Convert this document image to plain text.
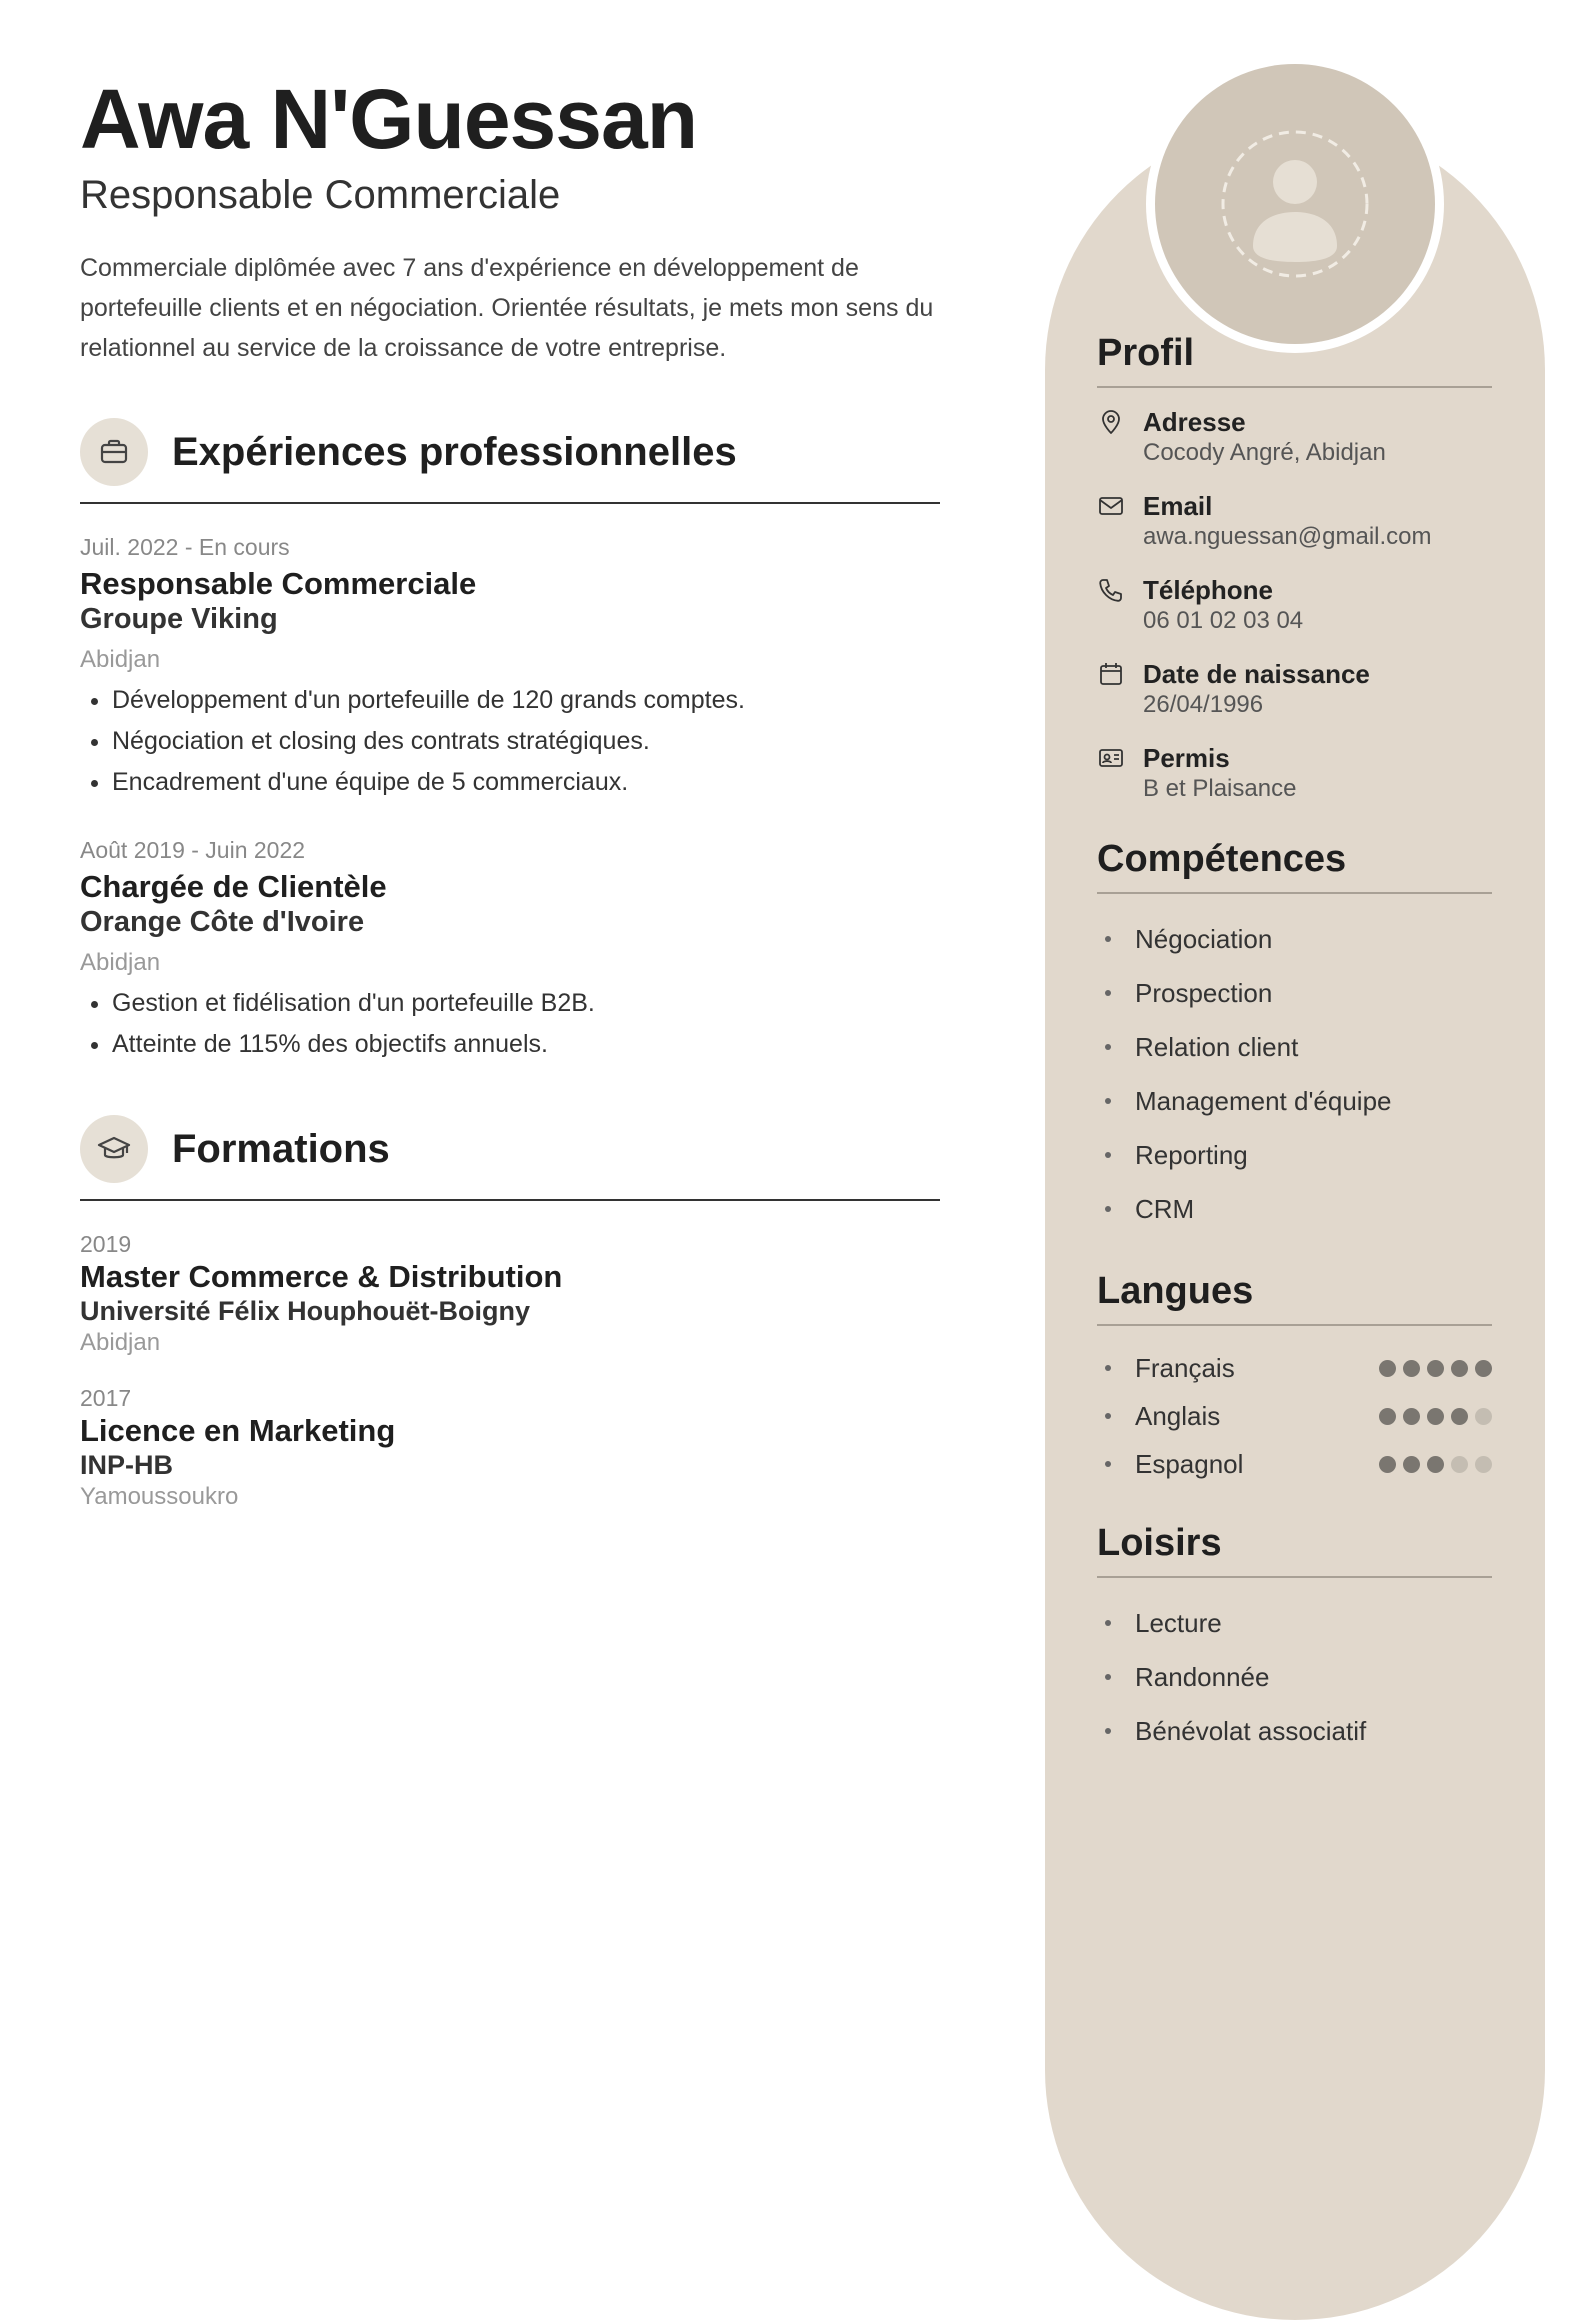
Awa N'Guessan
Responsable Commerciale
Commerciale diplômée avec 7 ans d'expérience en développement de portefeuille clients et en négociation. Orientée résultats, je mets mon sens du relationnel au service de la croissance de votre entreprise.
Expériences professionnelles
Juil. 2022 - En cours
Responsable Commerciale
Groupe Viking
Abidjan
• Développement d'un portefeuille de 120 grands comptes.
• Négociation et closing des contrats stratégiques.
• Encadrement d'une équipe de 5 commerciaux.
Août 2019 - Juin 2022
Chargée de Clientèle
Orange Côte d'Ivoire
Abidjan
• Gestion et fidélisation d'un portefeuille B2B.
• Atteinte de 115% des objectifs annuels.
Formations
2019
Master Commerce & Distribution
Université Félix Houphouët-Boigny
Abidjan
2017
Licence en Marketing
INP-HB
Yamoussoukro
Profil
Adresse
Cocody Angré, Abidjan
Email
awa.nguessan@gmail.com
Téléphone
06 01 02 03 04
Date de naissance
26/04/1996
Permis
B et Plaisance
Compétences
Négociation
Prospection
Relation client
Management d'équipe
Reporting
CRM
Langues
Français
Anglais
Espagnol
Loisirs
Lecture
Randonnée
Bénévolat associatif
